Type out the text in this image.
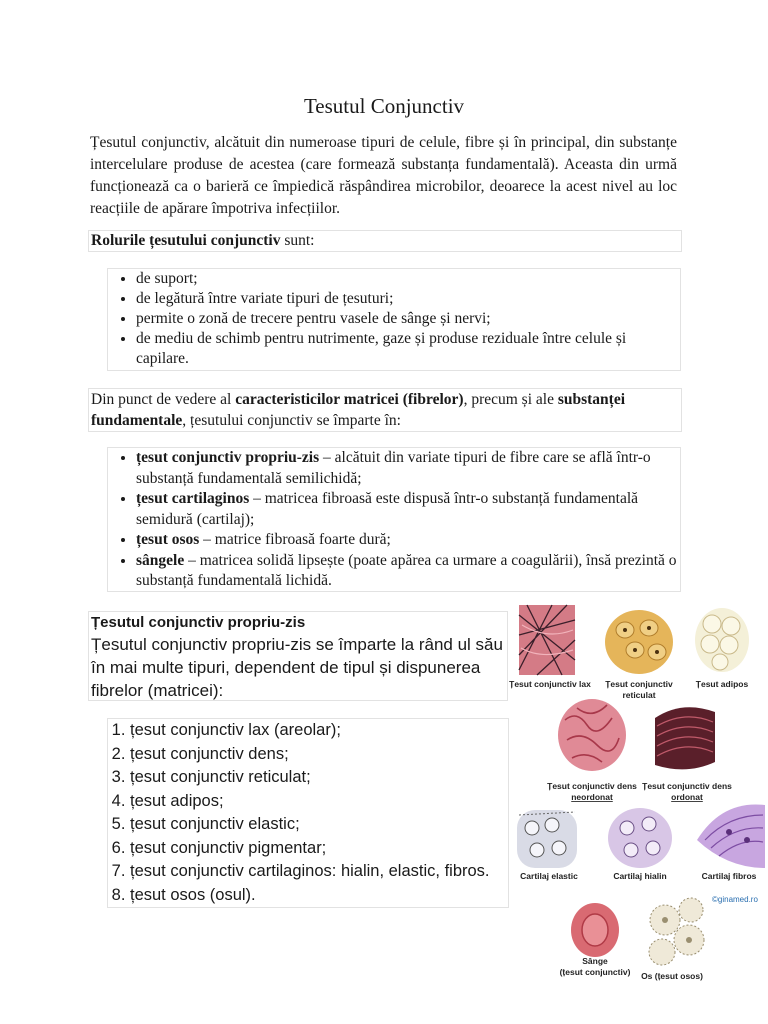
Tesutul Conjunctiv
Țesutul conjunctiv, alcătuit din numeroase tipuri de celule, fibre și în principal, din substanțe intercelulare produse de acestea (care formează substanța fundamentală). Aceasta din urmă funcționează ca o barieră ce împiedică răspândirea microbilor, deoarece la acest nivel au loc reacțiile de apărare împotriva infecțiilor.
Rolurile țesutului conjunctiv sunt:
• de suport;
• de legătură între variate tipuri de țesuturi;
• permite o zonă de trecere pentru vasele de sânge și nervi;
• de mediu de schimb pentru nutrimente, gaze și produse reziduale între celule și capilare.
Din punct de vedere al caracteristicilor matricei (fibrelor), precum și ale substanței fundamentale, țesutului conjunctiv se împarte în:
• țesut conjunctiv propriu-zis – alcătuit din variate tipuri de fibre care se află într-o substanță fundamentală semilichidă;
• țesut cartilaginos – matricea fibroasă este dispusă într-o substanță fundamentală semidură (cartilaj);
• țesut osos – matrice fibroasă foarte dură;
• sângele – matricea solidă lipsește (poate apărea ca urmare a coagulării), însă prezintă o substanță fundamentală lichidă.
Țesutul conjunctiv propriu-zis
Țesutul conjunctiv propriu-zis se împarte la rând ul său în mai multe tipuri, dependent de tipul și dispunerea fibrelor (matricei):
1. țesut conjunctiv lax (areolar);
2. țesut conjunctiv dens;
3. țesut conjunctiv reticulat;
4. țesut adipos;
5. țesut conjunctiv elastic;
6. țesut conjunctiv pigmentar;
7. țesut conjunctiv cartilaginos: hialin, elastic, fibros.
8. țesut osos (osul).
Țesut conjunctiv lax Țesut conjunctiv
reticulat
Țesut adipos
Țesut conjunctiv dens
neordonat
Țesut conjunctiv dens
ordonat
Cartilaj elastic	Cartilaj hialin	Cartilaj fibros
©ginamed.ro
Sânge
(țesut conjunctiv) Os (țesut osos)
